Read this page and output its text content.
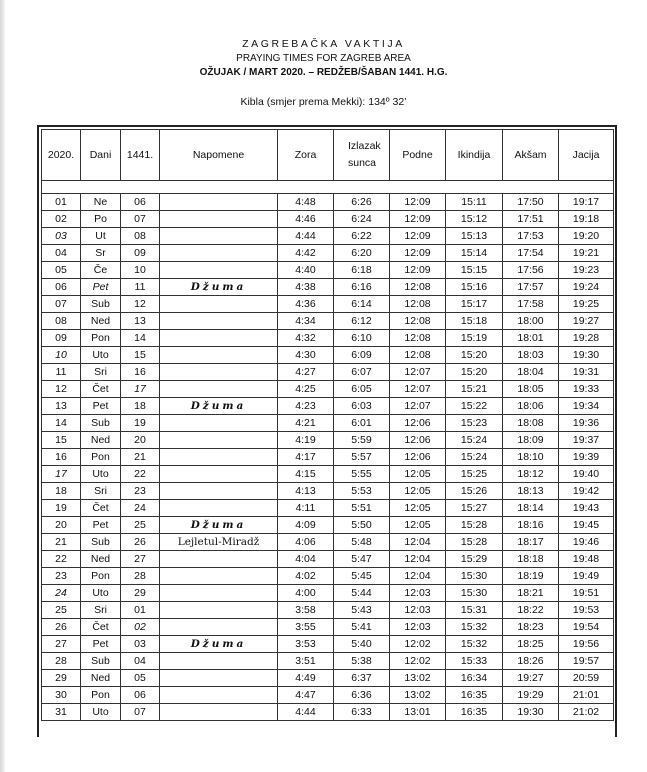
ZAGREBAČKA VAKTIJA
PRAYING TIMES FOR ZAGREB AREA
OŽUJAK / MART 2020. – REDŽEB/ŠABAN 1441. H.G.
Kibla (smjer prema Mekki): 134º 32’
2020.	Dani	1441.	Napomene	Zora	Izlazak sunca	Podne	Ikindija	Akšam	Jacija

01	Ne	06		4:48	6:26	12:09	15:11	17:50	19:17
02	Po	07		4:46	6:24	12:09	15:12	17:51	19:18
03	Ut	08		4:44	6:22	12:09	15:13	17:53	19:20
04	Sr	09		4:42	6:20	12:09	15:14	17:54	19:21
05	Če	10		4:40	6:18	12:09	15:15	17:56	19:23
06	Pet	11	Džuma	4:38	6:16	12:08	15:16	17:57	19:24
07	Sub	12		4:36	6:14	12:08	15:17	17:58	19:25
08	Ned	13		4:34	6:12	12:08	15:18	18:00	19:27
09	Pon	14		4:32	6:10	12:08	15:19	18:01	19:28
10	Uto	15		4:30	6:09	12:08	15:20	18:03	19:30
11	Sri	16		4:27	6:07	12:07	15:20	18:04	19:31
12	Čet	17		4:25	6:05	12:07	15:21	18:05	19:33
13	Pet	18	Džuma	4:23	6:03	12:07	15:22	18:06	19:34
14	Sub	19		4:21	6:01	12:06	15:23	18:08	19:36
15	Ned	20		4:19	5:59	12:06	15:24	18:09	19:37
16	Pon	21		4:17	5:57	12:06	15:24	18:10	19:39
17	Uto	22		4:15	5:55	12:05	15:25	18:12	19:40
18	Sri	23		4:13	5:53	12:05	15:26	18:13	19:42
19	Čet	24		4:11	5:51	12:05	15:27	18:14	19:43
20	Pet	25	Džuma	4:09	5:50	12:05	15:28	18:16	19:45
21	Sub	26	Lejletul-Miradž	4:06	5:48	12:04	15:28	18:17	19:46
22	Ned	27		4:04	5:47	12:04	15:29	18:18	19:48
23	Pon	28		4:02	5:45	12:04	15:30	18:19	19:49
24	Uto	29		4:00	5:44	12:03	15:30	18:21	19:51
25	Sri	01		3:58	5:43	12:03	15:31	18:22	19:53
26	Čet	02		3:55	5:41	12:03	15:32	18:23	19:54
27	Pet	03	Džuma	3:53	5:40	12:02	15:32	18:25	19:56
28	Sub	04		3:51	5:38	12:02	15:33	18:26	19:57
29	Ned	05		4:49	6:37	13:02	16:34	19:27	20:59
30	Pon	06		4:47	6:36	13:02	16:35	19:29	21:01
31	Uto	07		4:44	6:33	13:01	16:35	19:30	21:02
